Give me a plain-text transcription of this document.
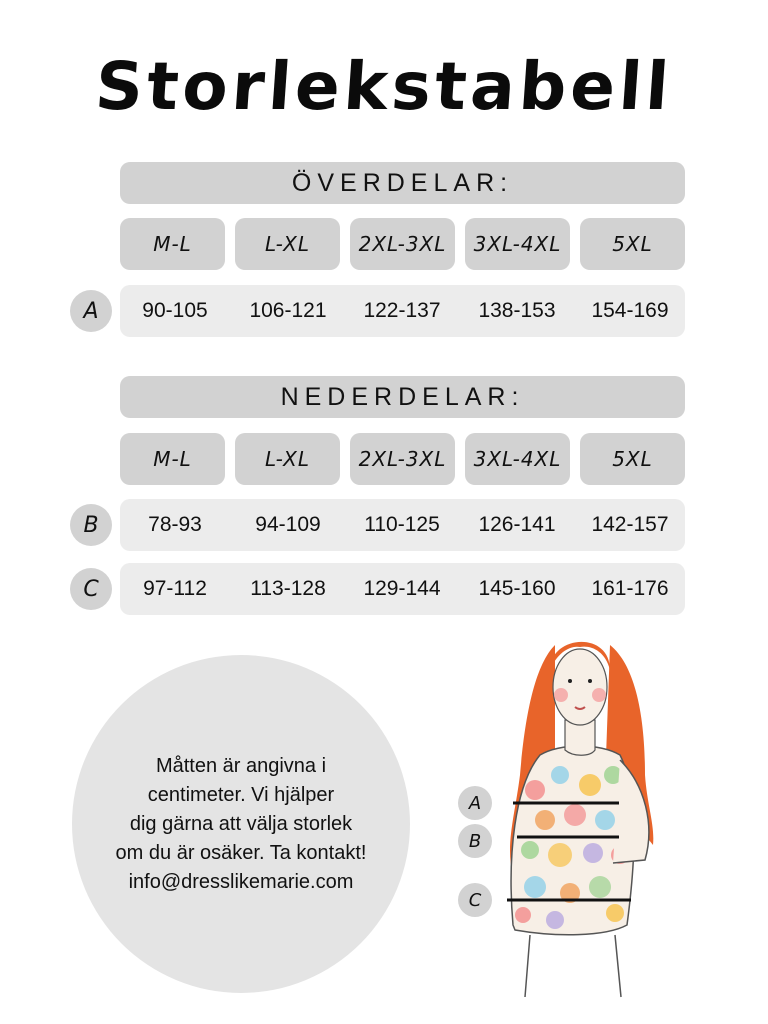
Storlekstabell
ÖVERDELAR:
M-L	L-XL	2XL-3XL	3XL-4XL	5XL
A	90-105	106-121	122-137	138-153	154-169
NEDERDELAR:
M-L	L-XL	2XL-3XL	3XL-4XL	5XL
B	78-93	94-109	110-125	126-141	142-157
C	97-112	113-128	129-144	145-160	161-176

Måtten är angivna i
centimeter. Vi hjälper
dig gärna att välja storlek
om du är osäker. Ta kontakt!
info@dresslikemarie.com

A
B
C
